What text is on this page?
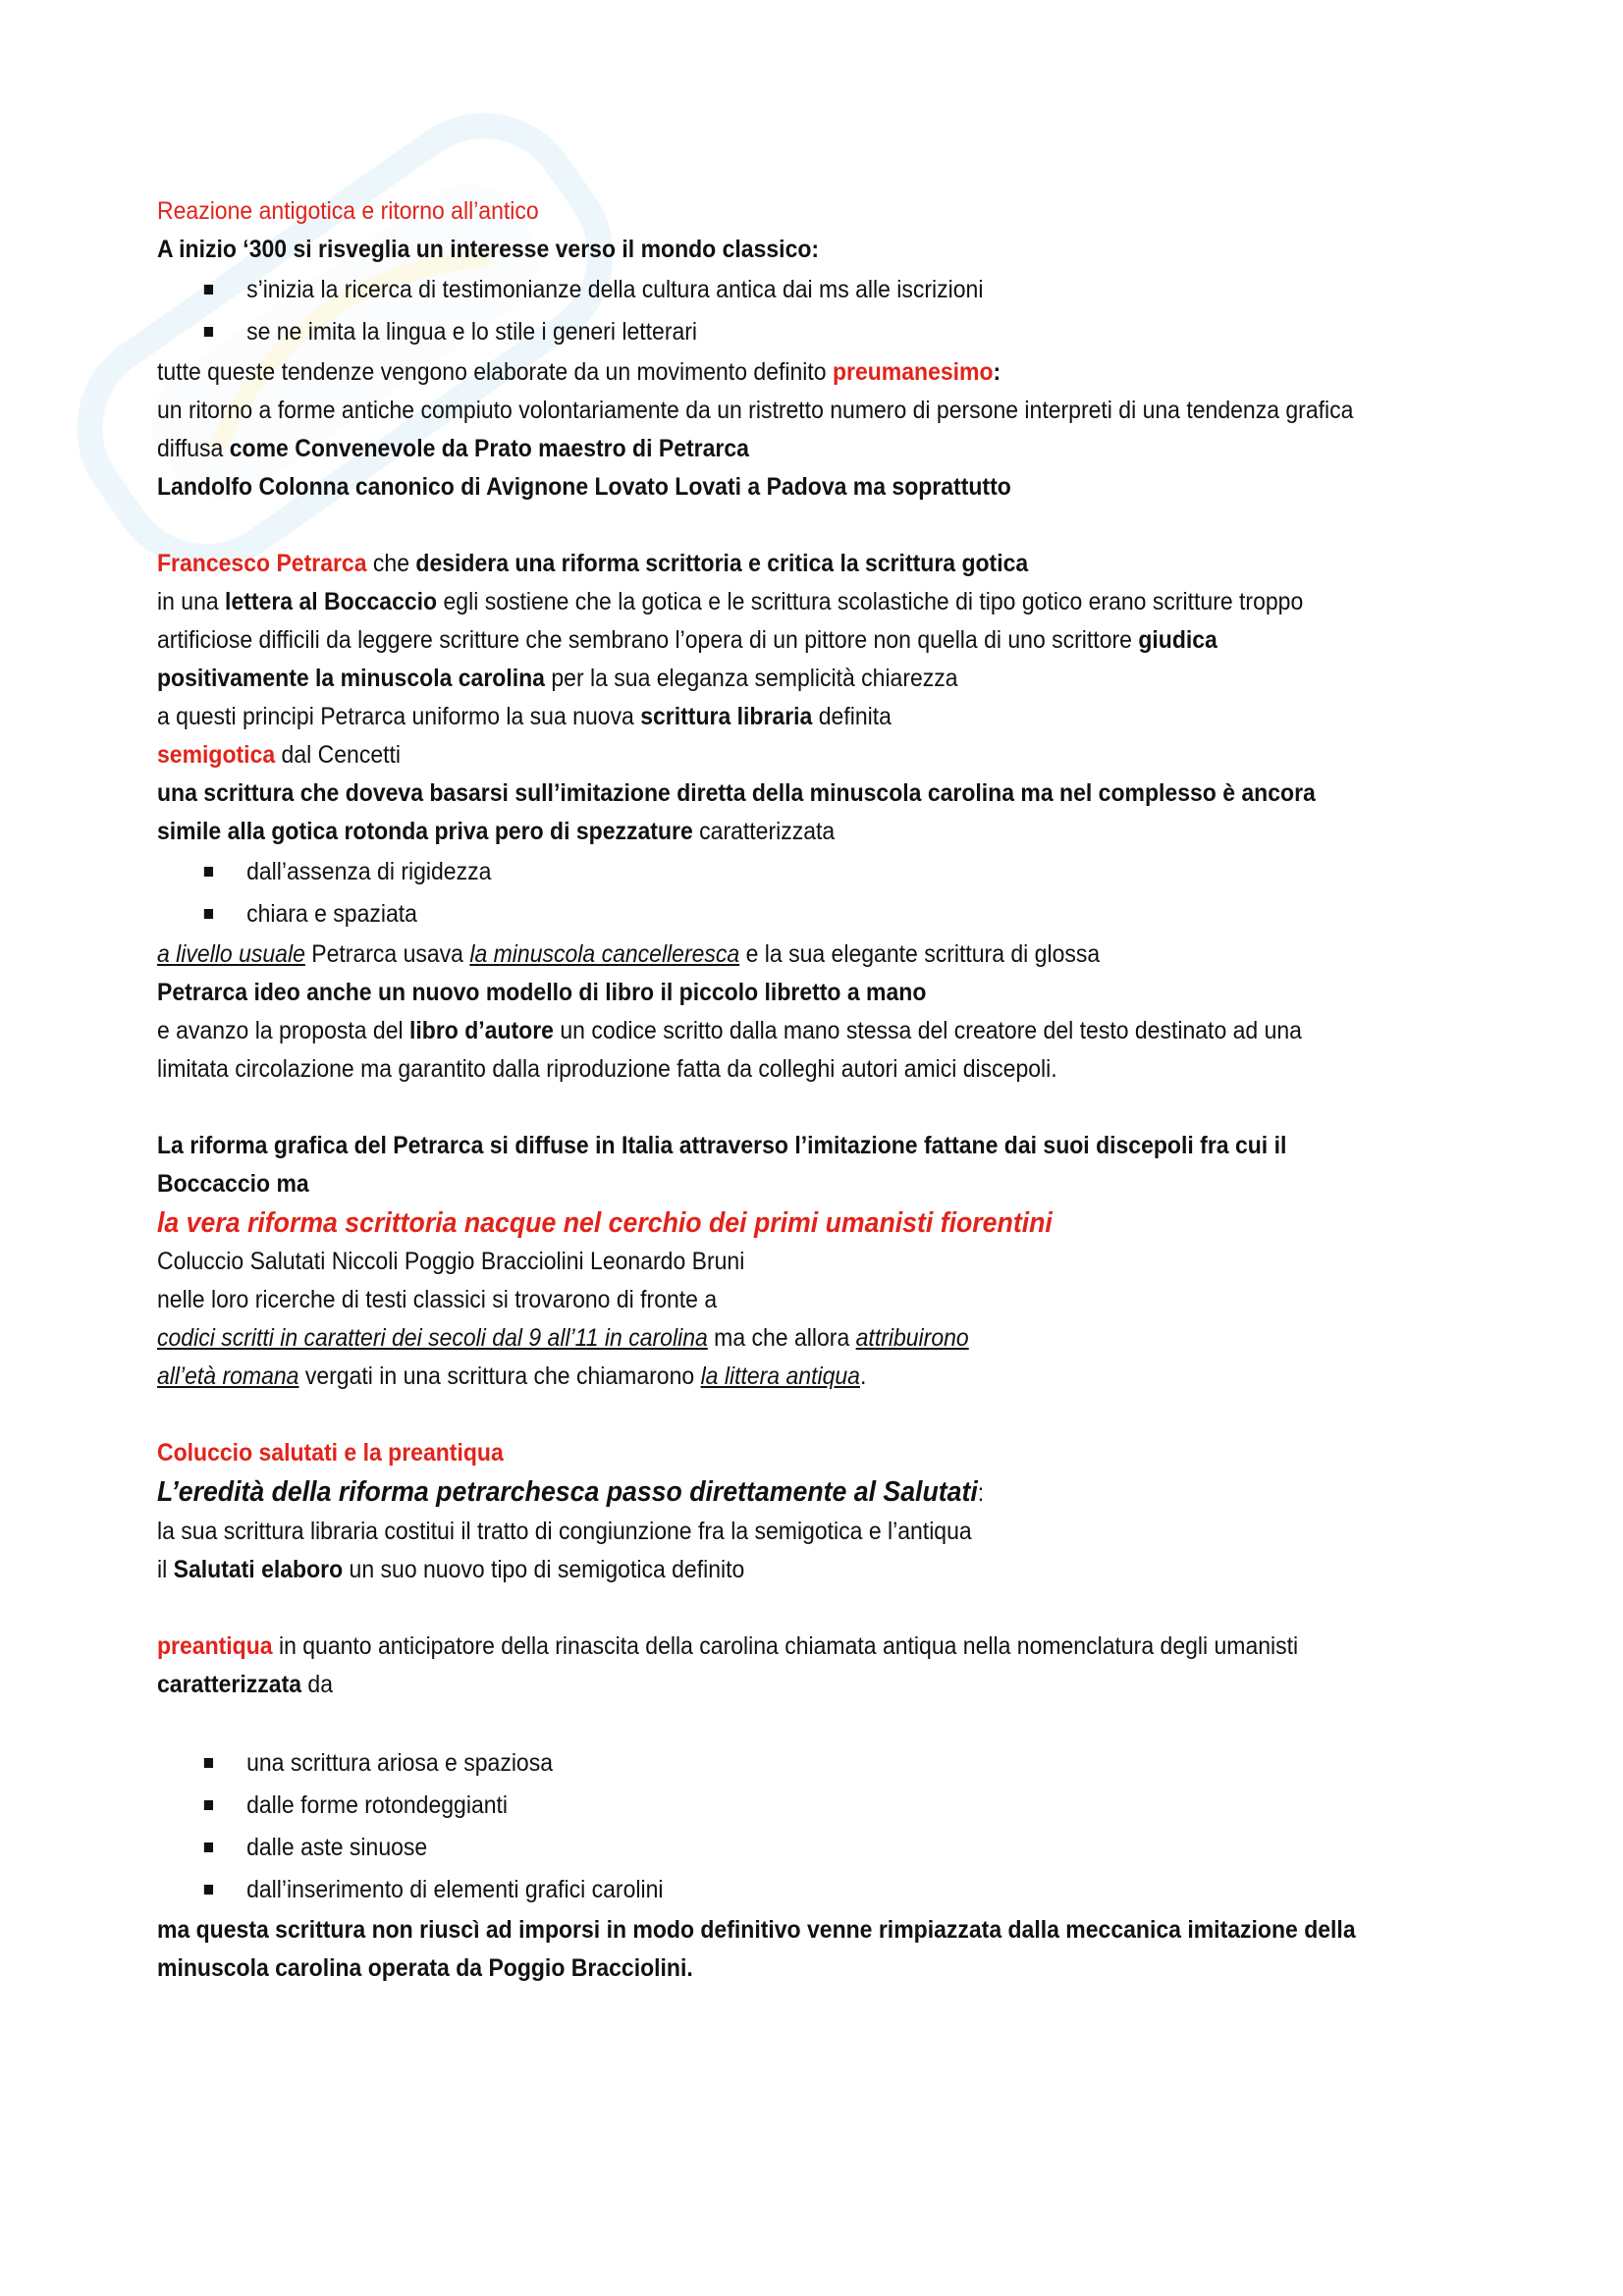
Reazione antigotica e ritorno all’antico

A inizio ‘300 si risveglia un interesse verso il mondo classico:

s’inizia la ricerca di testimonianze della cultura antica dai ms alle iscrizioni
se ne imita la lingua e lo stile i generi letterari

tutte queste tendenze vengono elaborate da un movimento definito preumanesimo:

un ritorno a forme antiche compiuto volontariamente da un ristretto numero di persone interpreti di una tendenza grafica

diffusa come Convenevole da Prato maestro di Petrarca

Landolfo Colonna canonico di Avignone Lovato Lovati a Padova ma soprattutto

Francesco Petrarca che desidera una riforma scrittoria e critica la scrittura gotica

in una lettera al Boccaccio egli sostiene che la gotica e le scrittura scolastiche di tipo gotico erano scritture troppo

artificiose difficili da leggere scritture che sembrano l’opera di un pittore non quella di uno scrittore giudica

positivamente la minuscola carolina per la sua eleganza semplicità chiarezza

a questi principi Petrarca uniformo la sua nuova scrittura libraria definita

semigotica dal Cencetti

una scrittura che doveva basarsi sull’imitazione diretta della minuscola carolina ma nel complesso è ancora

simile alla gotica rotonda priva pero di spezzature caratterizzata

dall’assenza di rigidezza
chiara e spaziata

a livello usuale Petrarca usava la minuscola cancelleresca e la sua elegante scrittura di glossa

Petrarca ideo anche un nuovo modello di libro il piccolo libretto a mano

e avanzo la proposta del libro d’autore un codice scritto dalla mano stessa del creatore del testo destinato ad una

limitata circolazione ma garantito dalla riproduzione fatta da colleghi autori amici discepoli.

La riforma grafica del Petrarca si diffuse in Italia attraverso l’imitazione fattane dai suoi discepoli fra cui il

Boccaccio ma

la vera riforma scrittoria nacque nel cerchio dei primi umanisti fiorentini

Coluccio Salutati Niccoli Poggio Bracciolini Leonardo Bruni

nelle loro ricerche di testi classici si trovarono di fronte a

codici scritti in caratteri dei secoli dal 9 all’11 in carolina ma che allora attribuirono

all’età romana vergati in una scrittura che chiamarono la littera antiqua.

Coluccio salutati e la preantiqua

L’eredità della riforma petrarchesca passo direttamente al Salutati:

la sua scrittura libraria costitui il tratto di congiunzione fra la semigotica e l’antiqua

il Salutati elaboro un suo nuovo tipo di semigotica definito

preantiqua in quanto anticipatore della rinascita della carolina chiamata antiqua nella nomenclatura degli umanisti

caratterizzata da

una scrittura ariosa e spaziosa
dalle forme rotondeggianti
dalle aste sinuose
dall’inserimento di elementi grafici carolini

ma questa scrittura non riuscì ad imporsi in modo definitivo venne rimpiazzata dalla meccanica imitazione della

minuscola carolina operata da Poggio Bracciolini.
